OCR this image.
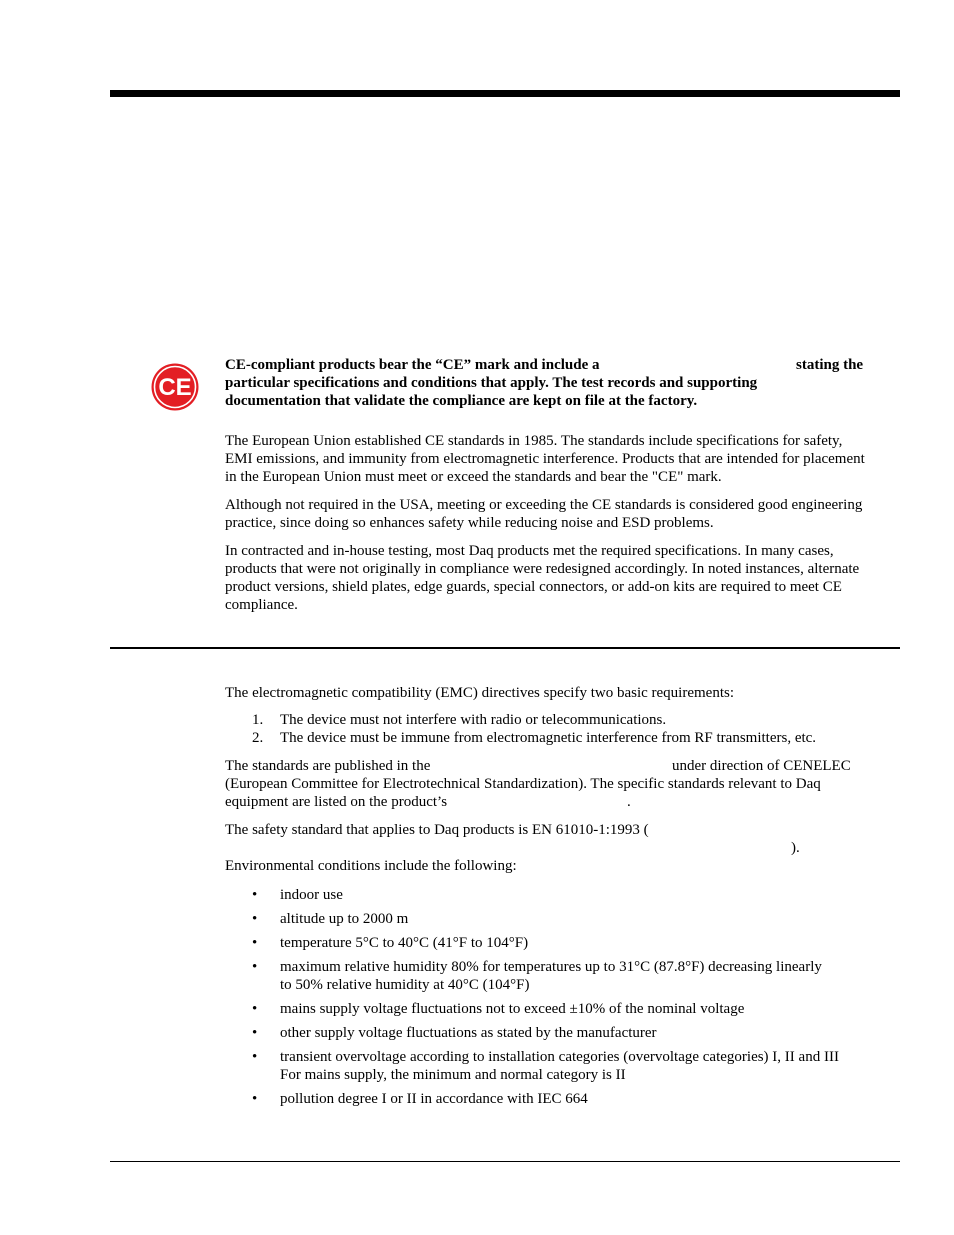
CE
CE-compliant products bear the “CE” mark and include a	stating the
particular specifications and conditions that apply. The test records and supporting
documentation that validate the compliance are kept on file at the factory.
The European Union established CE standards in 1985. The standards include specifications for safety,
EMI emissions, and immunity from electromagnetic interference. Products that are intended for placement
in the European Union must meet or exceed the standards and bear the "CE" mark.
Although not required in the USA, meeting or exceeding the CE standards is considered good engineering
practice, since doing so enhances safety while reducing noise and ESD problems.
In contracted and in-house testing, most Daq products met the required specifications. In many cases,
products that were not originally in compliance were redesigned accordingly. In noted instances, alternate
product versions, shield plates, edge guards, special connectors, or add-on kits are required to meet CE
compliance.
The electromagnetic compatibility (EMC) directives specify two basic requirements:
1. The device must not interfere with radio or telecommunications.
2. The device must be immune from electromagnetic interference from RF transmitters, etc.
The standards are published in the	under direction of CENELEC
(European Committee for Electrotechnical Standardization). The specific standards relevant to Daq
equipment are listed on the product’s	.
The safety standard that applies to Daq products is EN 61010-1:1993 (
).
Environmental conditions include the following:
• indoor use
• altitude up to 2000 m
• temperature 5°C to 40°C (41°F to 104°F)
• maximum relative humidity 80% for temperatures up to 31°C (87.8°F) decreasing linearly
to 50% relative humidity at 40°C (104°F)
• mains supply voltage fluctuations not to exceed ±10% of the nominal voltage
• other supply voltage fluctuations as stated by the manufacturer
• transient overvoltage according to installation categories (overvoltage categories) I, II and III
For mains supply, the minimum and normal category is II
• pollution degree I or II in accordance with IEC 664
